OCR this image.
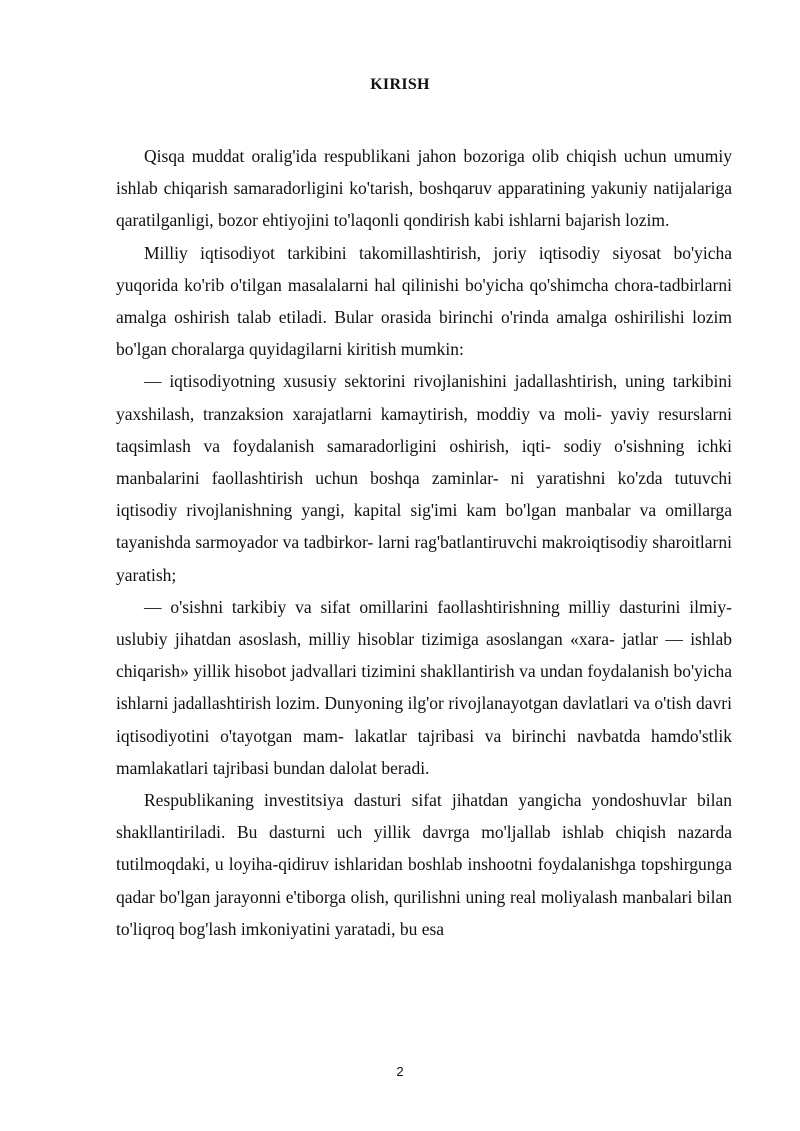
KIRISH

Qisqa muddat oralig'ida respublikani jahon bozoriga olib chiqish uchun umumiy ishlab chiqarish samaradorligini ko'tarish, boshqaruv apparatining yakuniy natijalariga qaratilganligi, bozor ehtiyojini to'laqonli qondirish kabi ishlarni bajarish lozim.

Milliy iqtisodiyot tarkibini takomillashtirish, joriy iqtisodiy siyosat bo'yicha yuqorida ko'rib o'tilgan masalalarni hal qilinishi bo'yicha qo'shimcha chora-tadbirlarni amalga oshirish talab etiladi. Bular orasida birinchi o'rinda amalga oshirilishi lozim bo'lgan choralarga quyidagilarni kiritish mumkin:

— iqtisodiyotning xususiy sektorini rivojlanishini jadallashtirish, uning tarkibini yaxshilash, tranzaksion xarajatlarni kamaytirish, moddiy va moli- yaviy resurslarni taqsimlash va foydalanish samaradorligini oshirish, iqti- sodiy o'sishning ichki manbalarini faollashtirish uchun boshqa zaminlar- ni yaratishni ko'zda tutuvchi iqtisodiy rivojlanishning yangi, kapital sig'imi kam bo'lgan manbalar va omillarga tayanishda sarmoyador va tadbirkor- larni rag'batlantiruvchi makroiqtisodiy sharoitlarni yaratish;

— o'sishni tarkibiy va sifat omillarini faollashtirishning milliy dasturini ilmiy-uslubiy jihatdan asoslash, milliy hisoblar tizimiga asoslangan «xara- jatlar — ishlab chiqarish» yillik hisobot jadvallari tizimini shakllantirish va undan foydalanish bo'yicha ishlarni jadallashtirish lozim. Dunyoning ilg'or rivojlanayotgan davlatlari va o'tish davri iqtisodiyotini o'tayotgan mam- lakatlar tajribasi va birinchi navbatda hamdo'stlik mamlakatlari tajribasi bundan dalolat beradi.

Respublikaning investitsiya dasturi sifat jihatdan yangicha yondoshuvlar bilan shakllantiriladi. Bu dasturni uch yillik davrga mo'ljallab ishlab chiqish nazarda tutilmoqdaki, u loyiha-qidiruv ishlaridan boshlab inshootni foydalanishga topshirgunga qadar bo'lgan jarayonni e'tiborga olish, qurilishni uning real moliyalash manbalari bilan to'liqroq bog'lash imkoniyatini yaratadi, bu esa

2
